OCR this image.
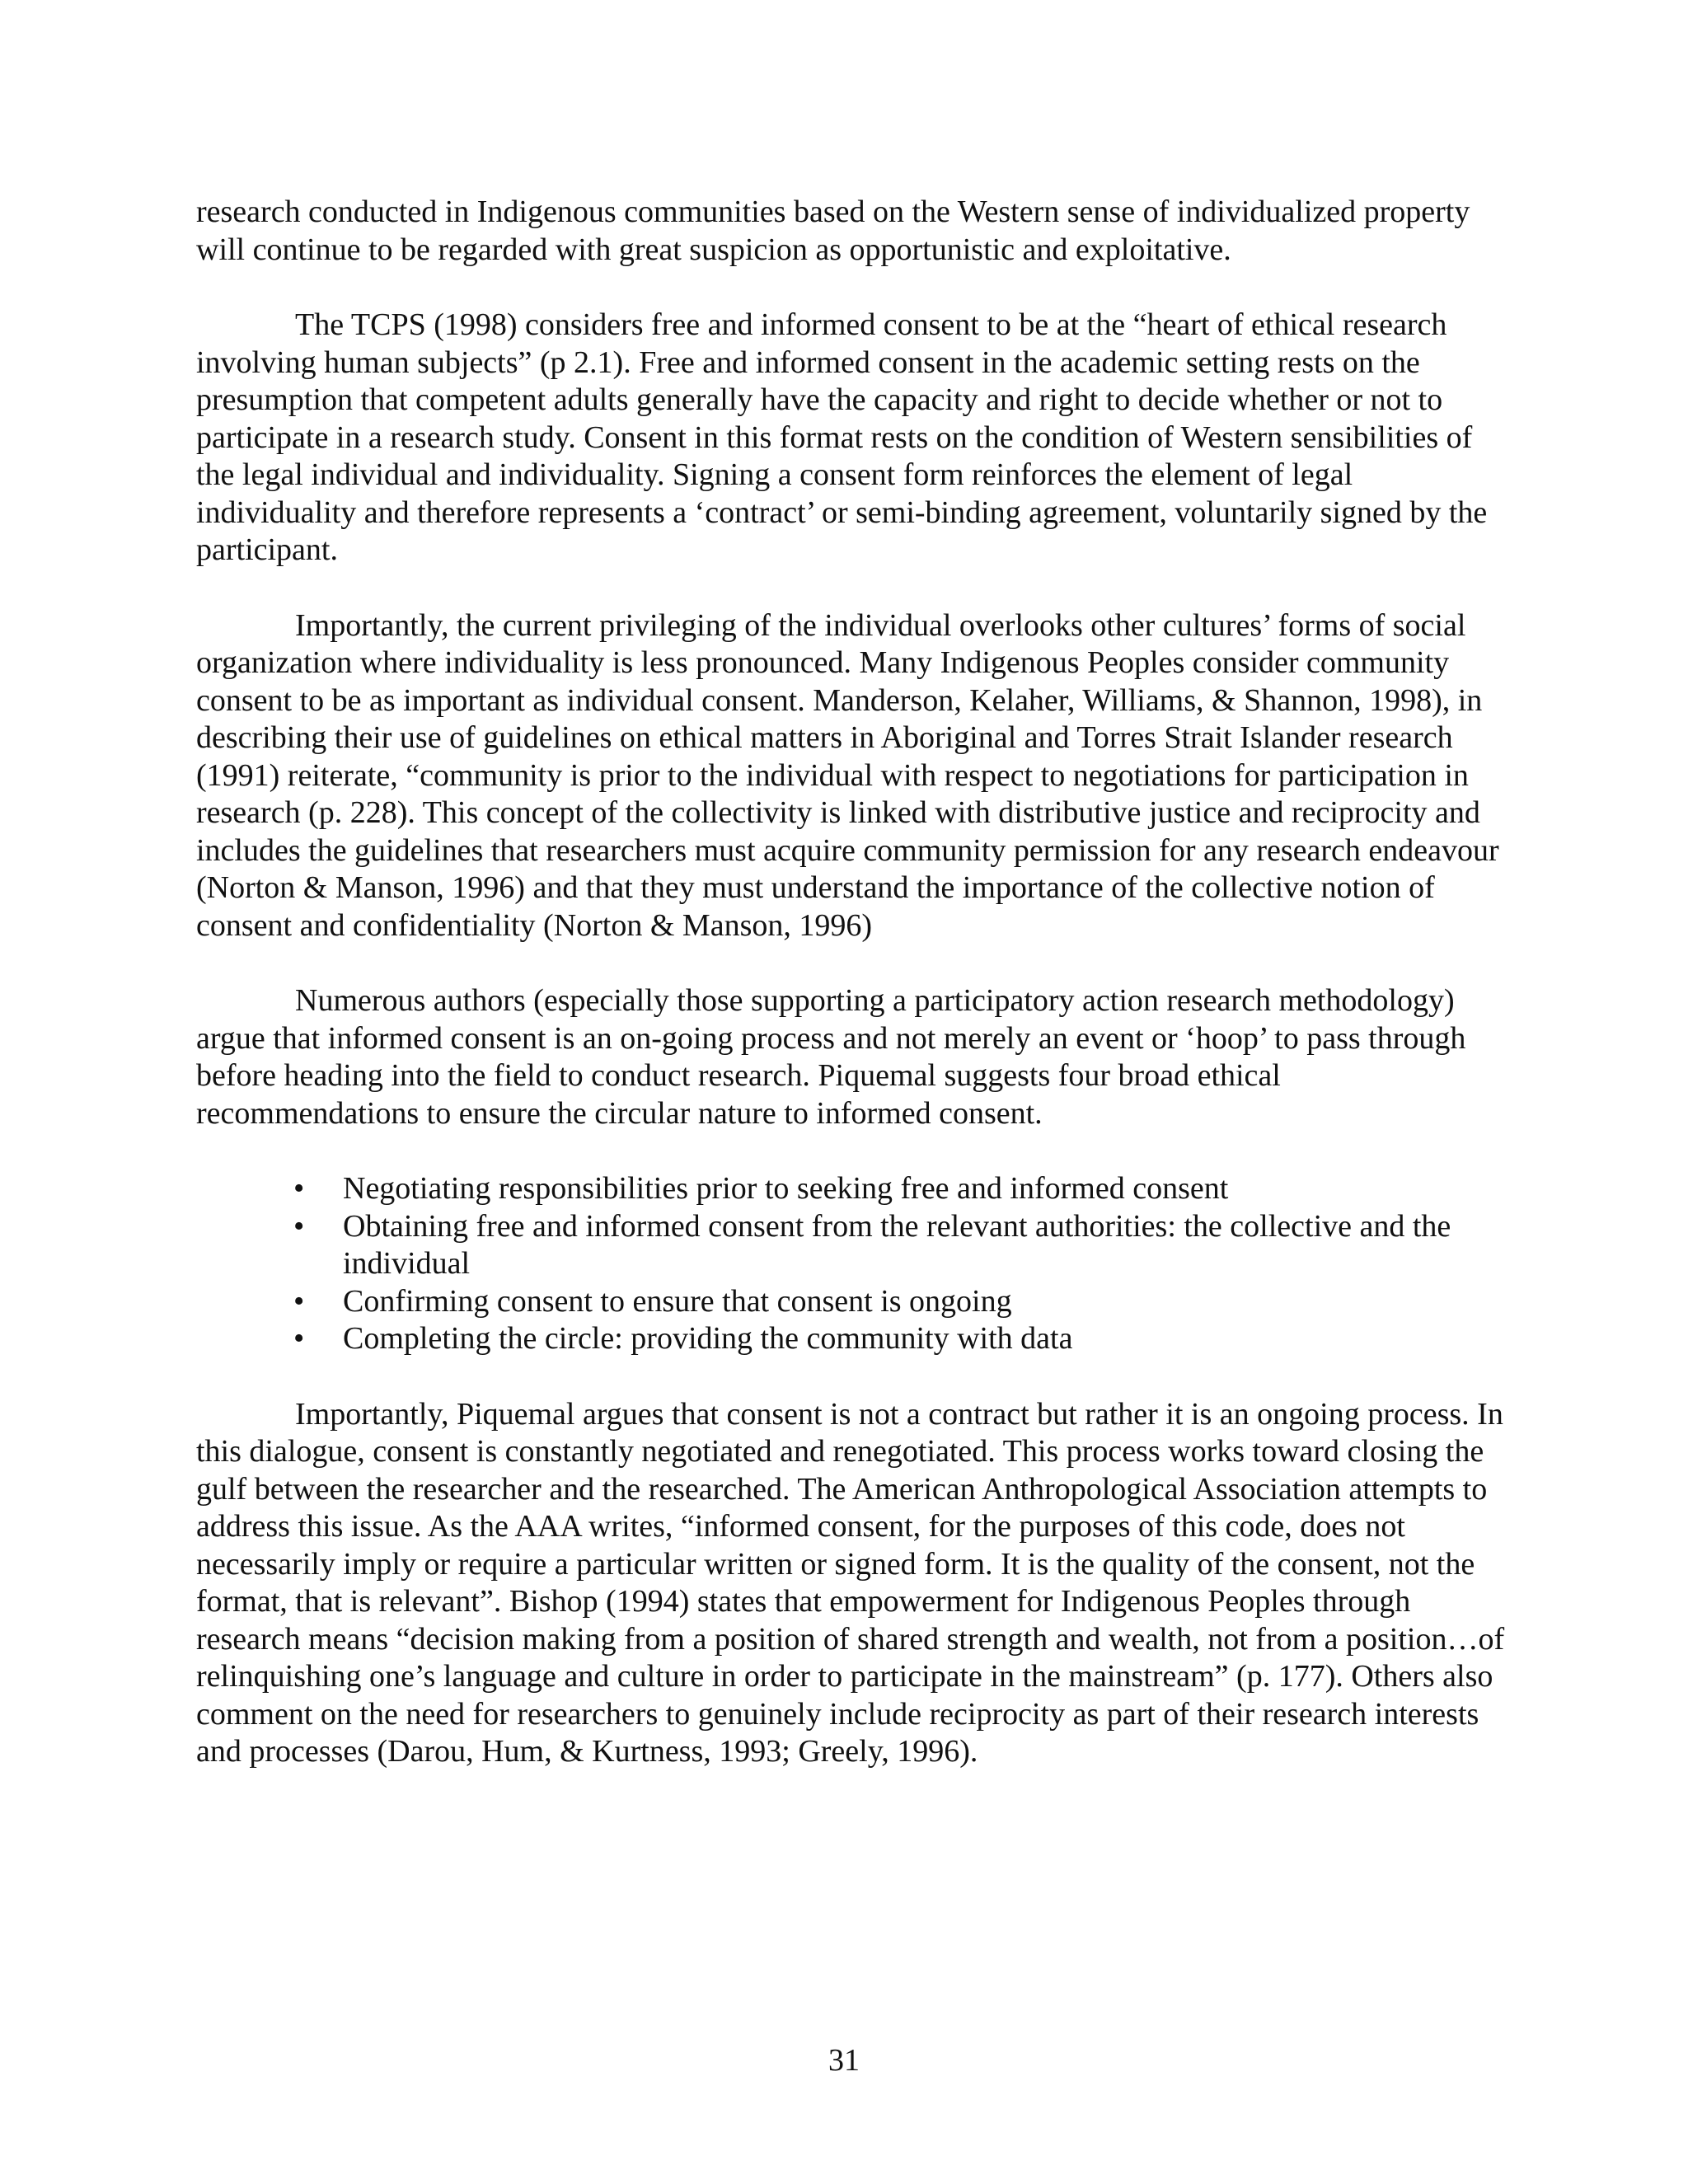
research conducted in Indigenous communities based on the Western sense of individualized property will continue to be regarded with great suspicion as opportunistic and exploitative.

The TCPS (1998) considers free and informed consent to be at the “heart of ethical research involving human subjects” (p 2.1). Free and informed consent in the academic setting rests on the presumption that competent adults generally have the capacity and right to decide whether or not to participate in a research study. Consent in this format rests on the condition of Western sensibilities of the legal individual and individuality. Signing a consent form reinforces the element of legal individuality and therefore represents a ‘contract’ or semi-binding agreement, voluntarily signed by the participant.

Importantly, the current privileging of the individual overlooks other cultures’ forms of social organization where individuality is less pronounced. Many Indigenous Peoples consider community consent to be as important as individual consent. Manderson, Kelaher, Williams, & Shannon, 1998), in describing their use of guidelines on ethical matters in Aboriginal and Torres Strait Islander research (1991) reiterate, “community is prior to the individual with respect to negotiations for participation in research (p. 228). This concept of the collectivity is linked with distributive justice and reciprocity and includes the guidelines that researchers must acquire community permission for any research endeavour (Norton & Manson, 1996) and that they must understand the importance of the collective notion of consent and confidentiality (Norton & Manson, 1996)

Numerous authors (especially those supporting a participatory action research methodology) argue that informed consent is an on-going process and not merely an event or ‘hoop’ to pass through before heading into the field to conduct research. Piquemal suggests four broad ethical recommendations to ensure the circular nature to informed consent.

• Negotiating responsibilities prior to seeking free and informed consent
• Obtaining free and informed consent from the relevant authorities: the collective and the individual
• Confirming consent to ensure that consent is ongoing
• Completing the circle: providing the community with data

Importantly, Piquemal argues that consent is not a contract but rather it is an ongoing process. In this dialogue, consent is constantly negotiated and renegotiated. This process works toward closing the gulf between the researcher and the researched. The American Anthropological Association attempts to address this issue. As the AAA writes, “informed consent, for the purposes of this code, does not necessarily imply or require a particular written or signed form. It is the quality of the consent, not the format, that is relevant”. Bishop (1994) states that empowerment for Indigenous Peoples through research means “decision making from a position of shared strength and wealth, not from a position…of relinquishing one’s language and culture in order to participate in the mainstream” (p. 177). Others also comment on the need for researchers to genuinely include reciprocity as part of their research interests and processes (Darou, Hum, & Kurtness, 1993; Greely, 1996).

31
